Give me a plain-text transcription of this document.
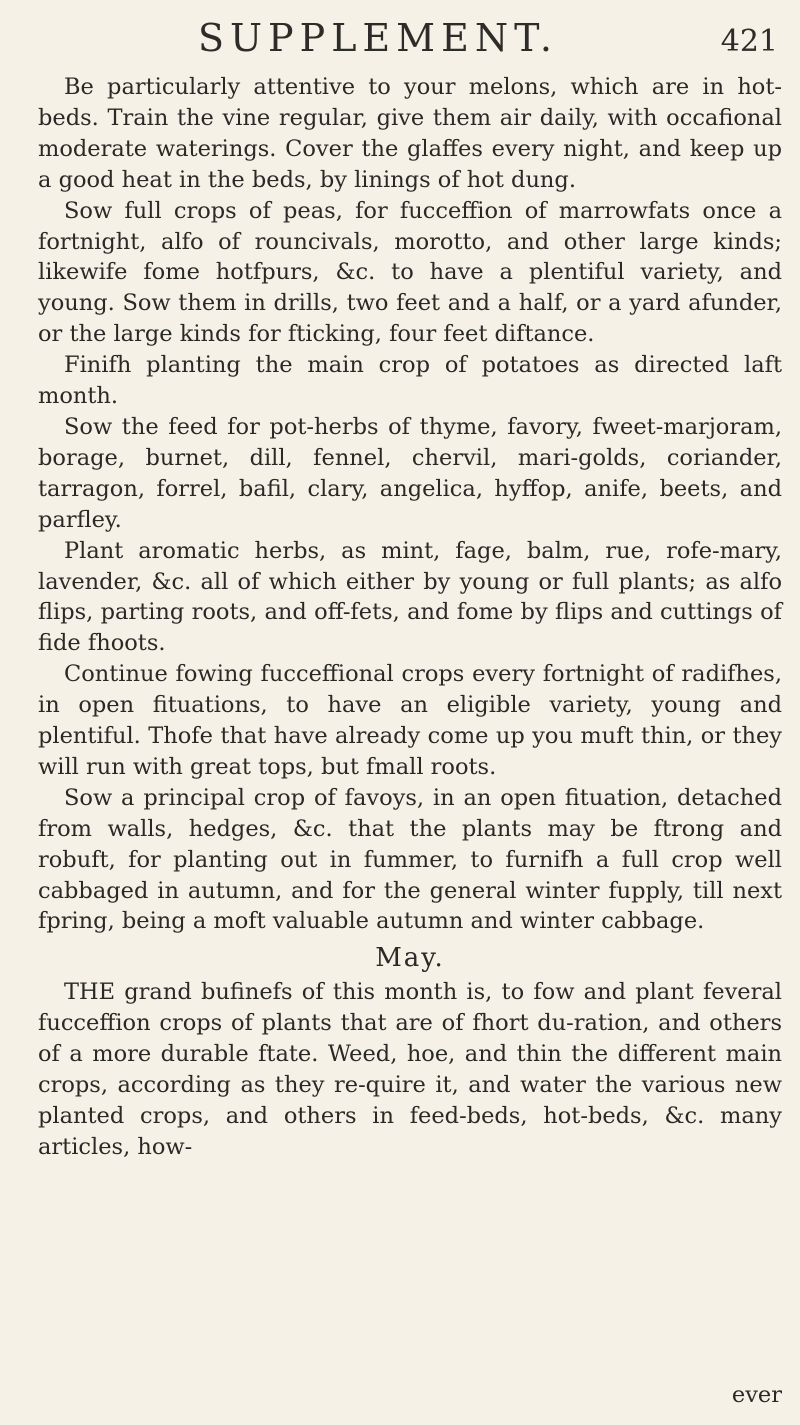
SUPPLEMENT.	421

Be particularly attentive to your melons, which are in hot-beds. Train the vine regular, give them air daily, with occafional moderate waterings. Cover the glaffes every night, and keep up a good heat in the beds, by linings of hot dung.

Sow full crops of peas, for fucceffion of marrowfats once a fortnight, alfo of rouncivals, morotto, and other large kinds; likewife fome hotfpurs, &c. to have a plentiful variety, and young. Sow them in drills, two feet and a half, or a yard afunder, or the large kinds for fticking, four feet diftance.

Finifh planting the main crop of potatoes as directed laft month.

Sow the feed for pot-herbs of thyme, favory, fweet-marjoram, borage, burnet, dill, fennel, chervil, mari-golds, coriander, tarragon, forrel, bafil, clary, angelica, hyffop, anife, beets, and parfley.

Plant aromatic herbs, as mint, fage, balm, rue, rofe-mary, lavender, &c. all of which either by young or full plants; as alfo flips, parting roots, and off-fets, and fome by flips and cuttings of fide fhoots.

Continue fowing fucceffional crops every fortnight of radifhes, in open fituations, to have an eligible variety, young and plentiful. Thofe that have already come up you muft thin, or they will run with great tops, but fmall roots.

Sow a principal crop of favoys, in an open fituation, detached from walls, hedges, &c. that the plants may be ftrong and robuft, for planting out in fummer, to furnifh a full crop well cabbaged in autumn, and for the general winter fupply, till next fpring, being a moft valuable autumn and winter cabbage.

May.

THE grand bufinefs of this month is, to fow and plant feveral fucceffion crops of plants that are of fhort du-ration, and others of a more durable ftate. Weed, hoe, and thin the different main crops, according as they re-quire it, and water the various new planted crops, and others in feed-beds, hot-beds, &c. many articles, how-

ever
